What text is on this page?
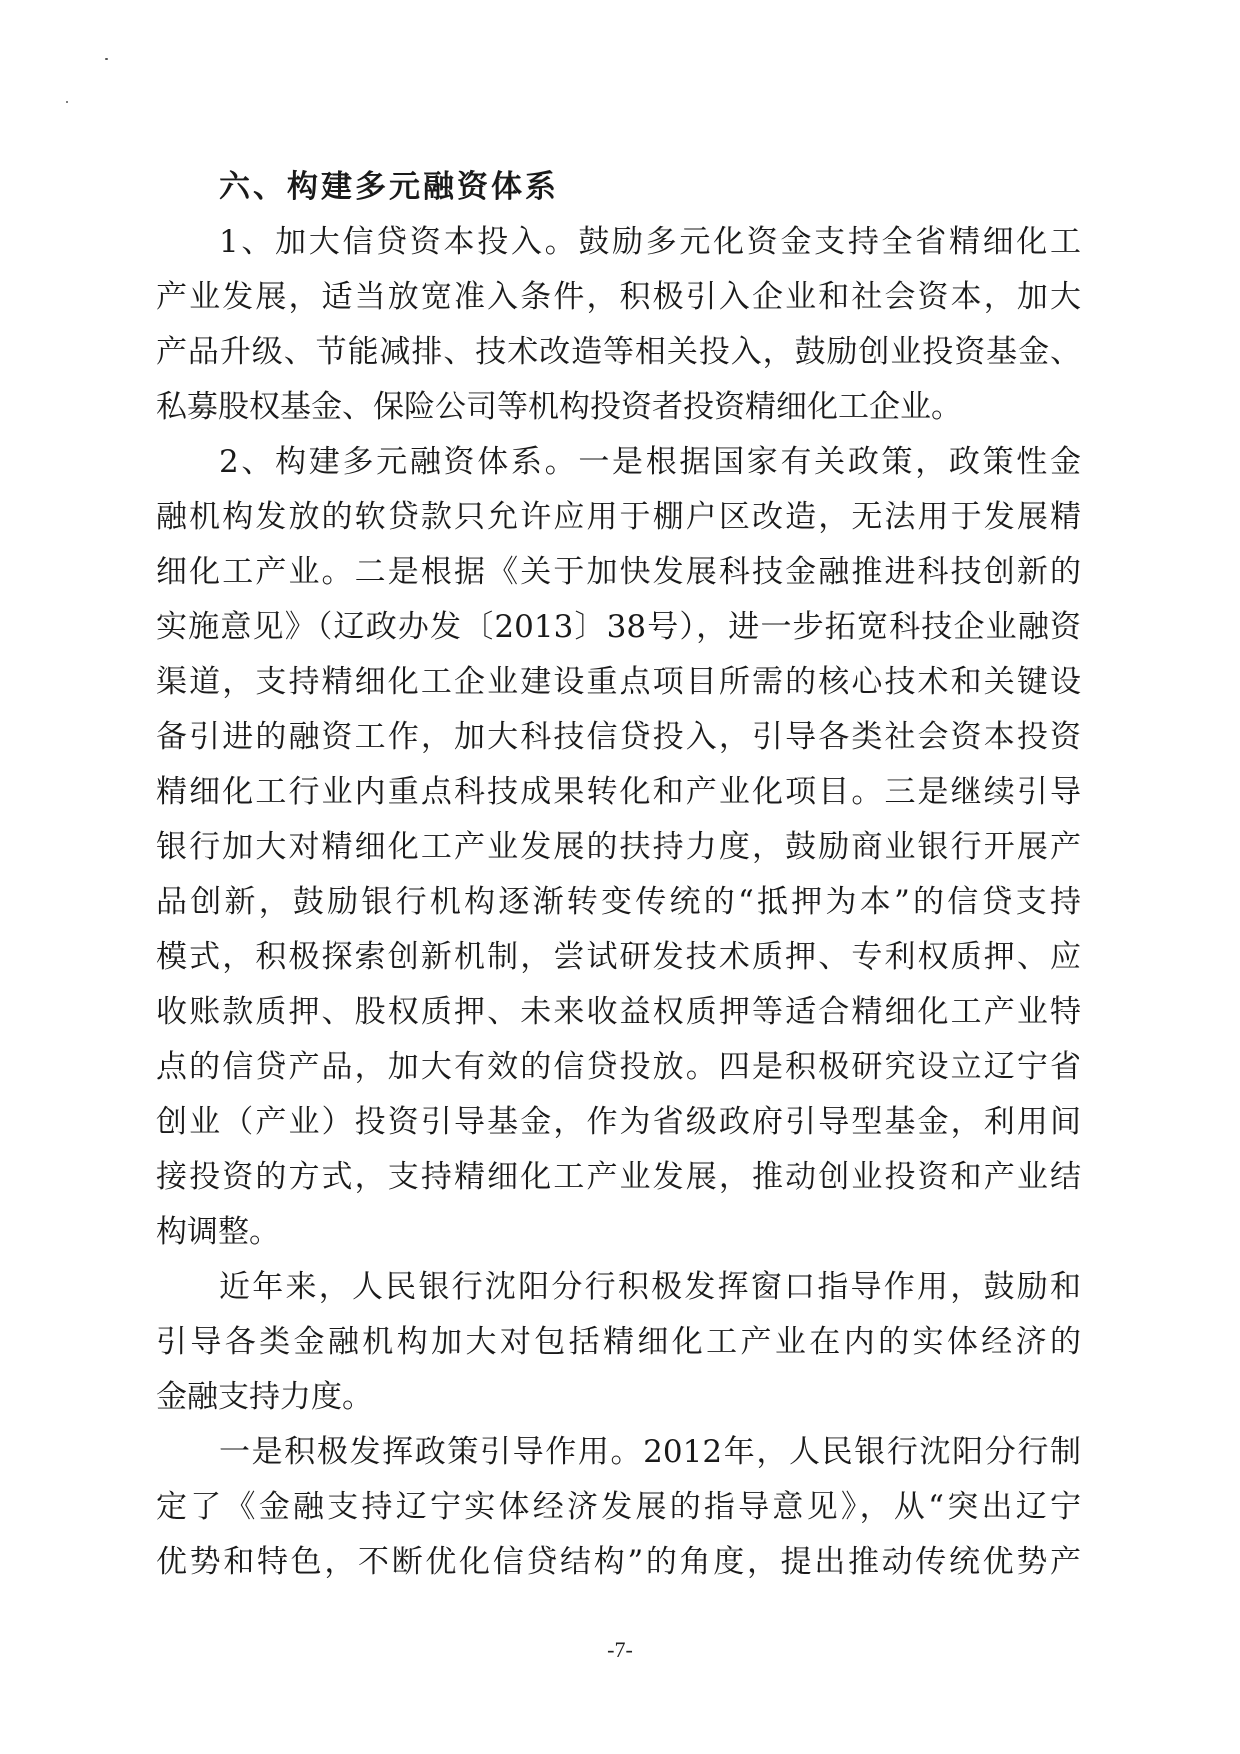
六、构建多元融资体系
1、加大信贷资本投入。鼓励多元化资金支持全省精细化工
产业发展，适当放宽准入条件，积极引入企业和社会资本，加大
产品升级、节能减排、技术改造等相关投入，鼓励创业投资基金、
私募股权基金、保险公司等机构投资者投资精细化工企业。
2、构建多元融资体系。一是根据国家有关政策，政策性金
融机构发放的软贷款只允许应用于棚户区改造，无法用于发展精
细化工产业。二是根据《关于加快发展科技金融推进科技创新的
实施意见》（辽政办发〔2013〕38号），进一步拓宽科技企业融资
渠道，支持精细化工企业建设重点项目所需的核心技术和关键设
备引进的融资工作，加大科技信贷投入，引导各类社会资本投资
精细化工行业内重点科技成果转化和产业化项目。三是继续引导
银行加大对精细化工产业发展的扶持力度，鼓励商业银行开展产
品创新，鼓励银行机构逐渐转变传统的“抵押为本”的信贷支持
模式，积极探索创新机制，尝试研发技术质押、专利权质押、应
收账款质押、股权质押、未来收益权质押等适合精细化工产业特
点的信贷产品，加大有效的信贷投放。四是积极研究设立辽宁省
创业（产业）投资引导基金，作为省级政府引导型基金，利用间
接投资的方式，支持精细化工产业发展，推动创业投资和产业结
构调整。
近年来，人民银行沈阳分行积极发挥窗口指导作用，鼓励和
引导各类金融机构加大对包括精细化工产业在内的实体经济的
金融支持力度。
一是积极发挥政策引导作用。2012年，人民银行沈阳分行制
定了《金融支持辽宁实体经济发展的指导意见》，从“突出辽宁
优势和特色，不断优化信贷结构”的角度，提出推动传统优势产
-7-
